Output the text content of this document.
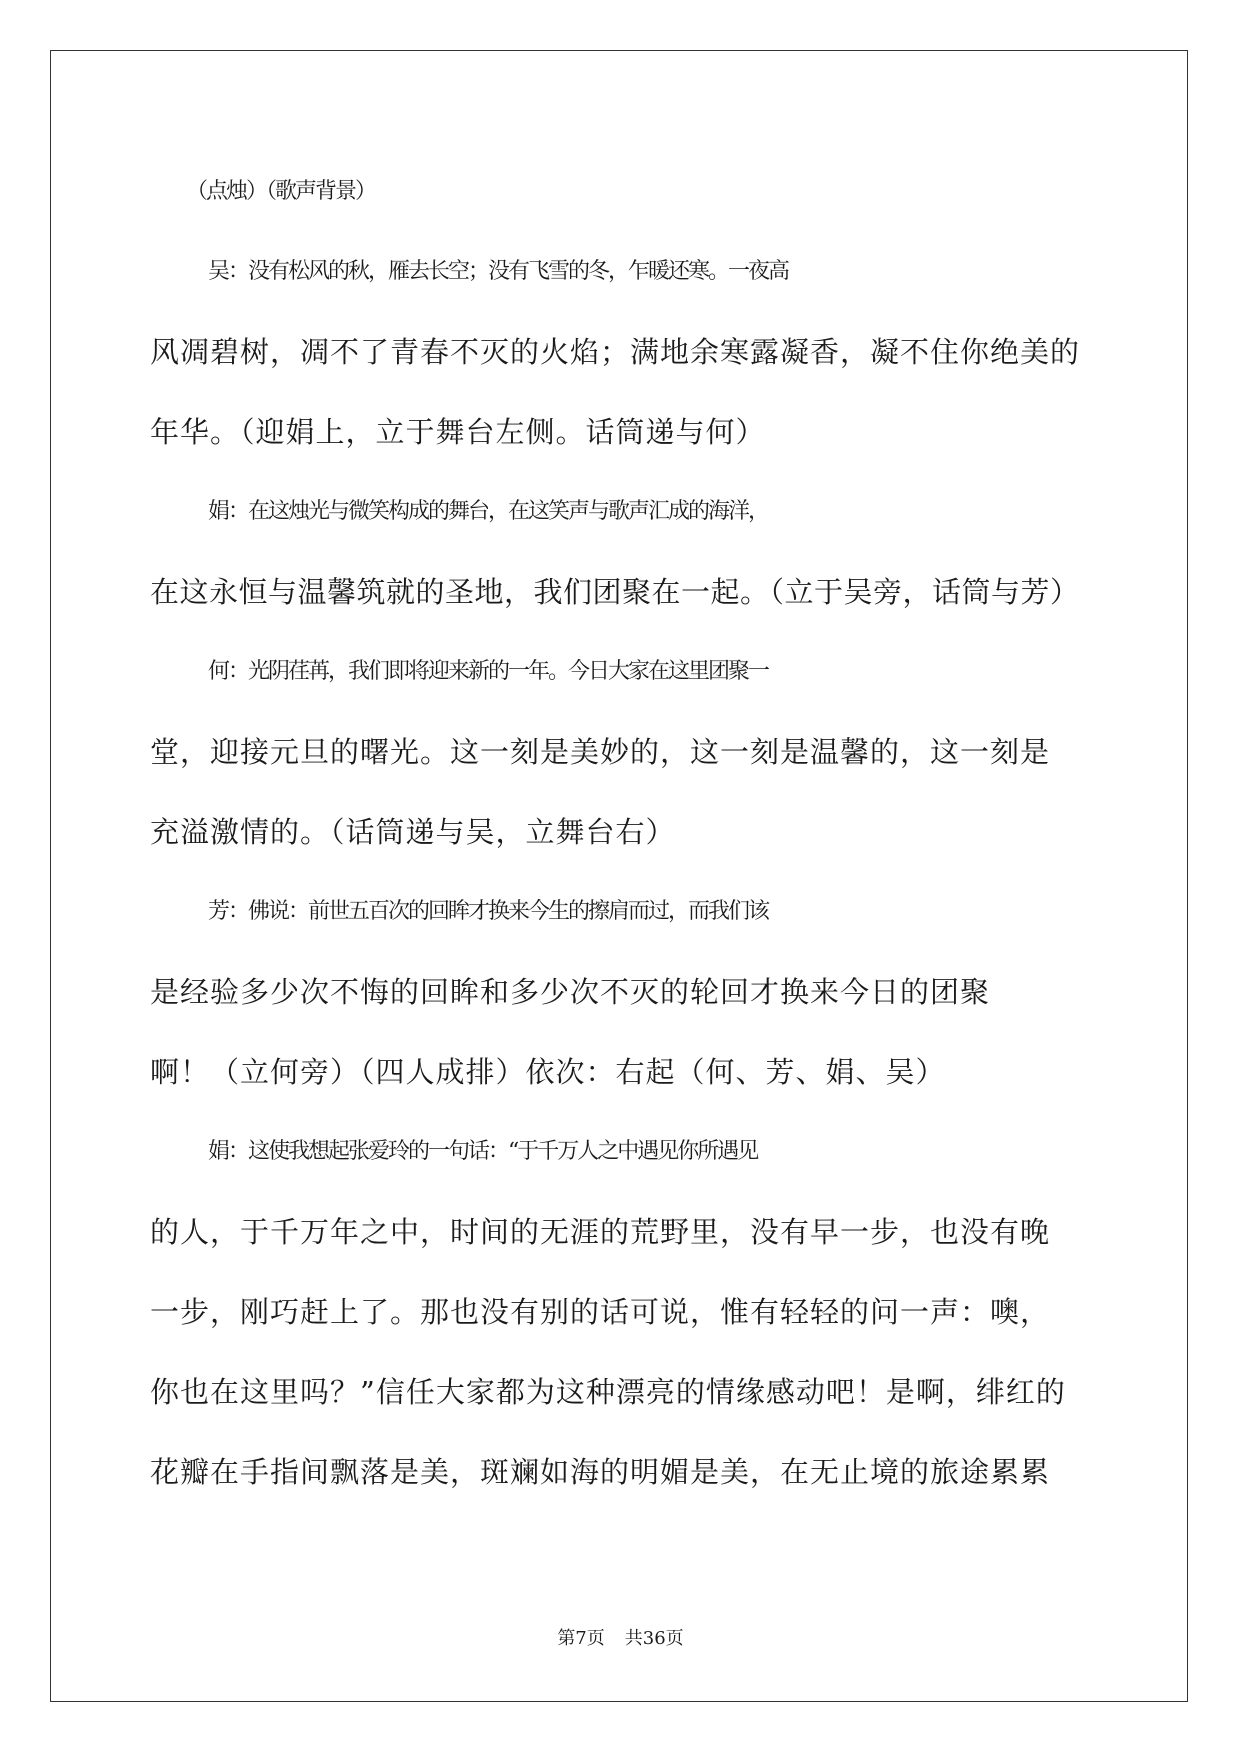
（点烛）（歌声背景）
吴：没有松风的秋，雁去长空；没有飞雪的冬，乍暖还寒。一夜高
风凋碧树，凋不了青春不灭的火焰；满地余寒露凝香，凝不住你绝美的
年华。（迎娟上，立于舞台左侧。话筒递与何）
娟：在这烛光与微笑构成的舞台，在这笑声与歌声汇成的海洋，
在这永恒与温馨筑就的圣地，我们团聚在一起。（立于吴旁，话筒与芳）
何：光阴荏苒，我们即将迎来新的一年。今日大家在这里团聚一
堂，迎接元旦的曙光。这一刻是美妙的，这一刻是温馨的，这一刻是
充溢激情的。（话筒递与吴，立舞台右）
芳：佛说：前世五百次的回眸才换来今生的擦肩而过，而我们该
是经验多少次不悔的回眸和多少次不灭的轮回才换来今日的团聚
啊！（立何旁）（四人成排）依次：右起（何、芳、娟、吴）
娟：这使我想起张爱玲的一句话：“于千万人之中遇见你所遇见
的人，于千万年之中，时间的无涯的荒野里，没有早一步，也没有晚
一步，刚巧赶上了。那也没有别的话可说，惟有轻轻的问一声：噢，
你也在这里吗？”信任大家都为这种漂亮的情缘感动吧！是啊，绯红的
花瓣在手指间飘落是美，斑斓如海的明媚是美，在无止境的旅途累累
第7页 共36页
